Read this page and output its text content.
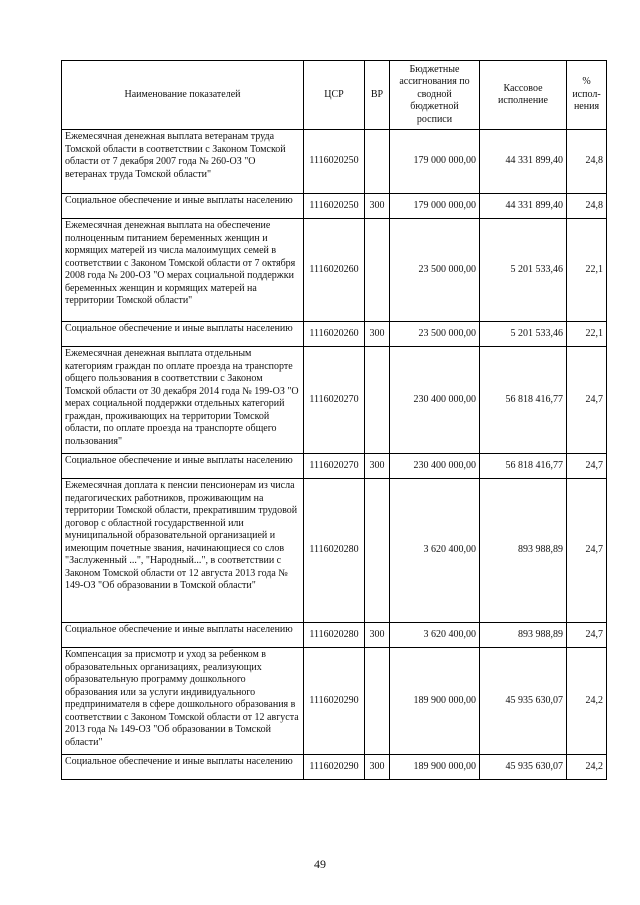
Наименование показателей	ЦСР	ВР	Бюджетные ассигнования по сводной бюджетной росписи	Кассовое исполнение	% испол-нения
Ежемесячная денежная выплата ветеранам труда Томской области в соответствии с Законом Томской области от 7 декабря 2007 года № 260-ОЗ "О ветеранах труда Томской области"	1116020250		179 000 000,00	44 331 899,40	24,8
Социальное обеспечение и иные выплаты населению	1116020250	300	179 000 000,00	44 331 899,40	24,8
Ежемесячная денежная выплата на обеспечение полноценным питанием беременных женщин и кормящих матерей из числа малоимущих семей в соответствии с Законом Томской области от 7 октября 2008 года № 200-ОЗ "О мерах социальной поддержки беременных женщин и кормящих матерей на территории Томской области"	1116020260		23 500 000,00	5 201 533,46	22,1
Социальное обеспечение и иные выплаты населению	1116020260	300	23 500 000,00	5 201 533,46	22,1
Ежемесячная денежная выплата отдельным категориям граждан по оплате проезда на транспорте общего пользования в соответствии с Законом Томской области от 30 декабря 2014 года № 199-ОЗ "О мерах социальной поддержки отдельных категорий граждан, проживающих на территории Томской области, по оплате проезда на транспорте общего пользования"	1116020270		230 400 000,00	56 818 416,77	24,7
Социальное обеспечение и иные выплаты населению	1116020270	300	230 400 000,00	56 818 416,77	24,7
Ежемесячная доплата к пенсии пенсионерам из числа педагогических работников, проживающим на территории Томской области, прекратившим трудовой договор с областной государственной или муниципальной образовательной организацией и имеющим почетные звания, начинающиеся со слов "Заслуженный ...", "Народный...", в соответствии с Законом Томской области от 12 августа 2013 года № 149-ОЗ "Об образовании в Томской области"	1116020280		3 620 400,00	893 988,89	24,7
Социальное обеспечение и иные выплаты населению	1116020280	300	3 620 400,00	893 988,89	24,7
Компенсация за присмотр и уход за ребенком в образовательных организациях, реализующих образовательную программу дошкольного образования или за услуги индивидуального предпринимателя в сфере дошкольного образования в соответствии с Законом Томской области от 12 августа 2013 года № 149-ОЗ "Об образовании в Томской области"	1116020290		189 900 000,00	45 935 630,07	24,2
Социальное обеспечение и иные выплаты населению	1116020290	300	189 900 000,00	45 935 630,07	24,2
49
